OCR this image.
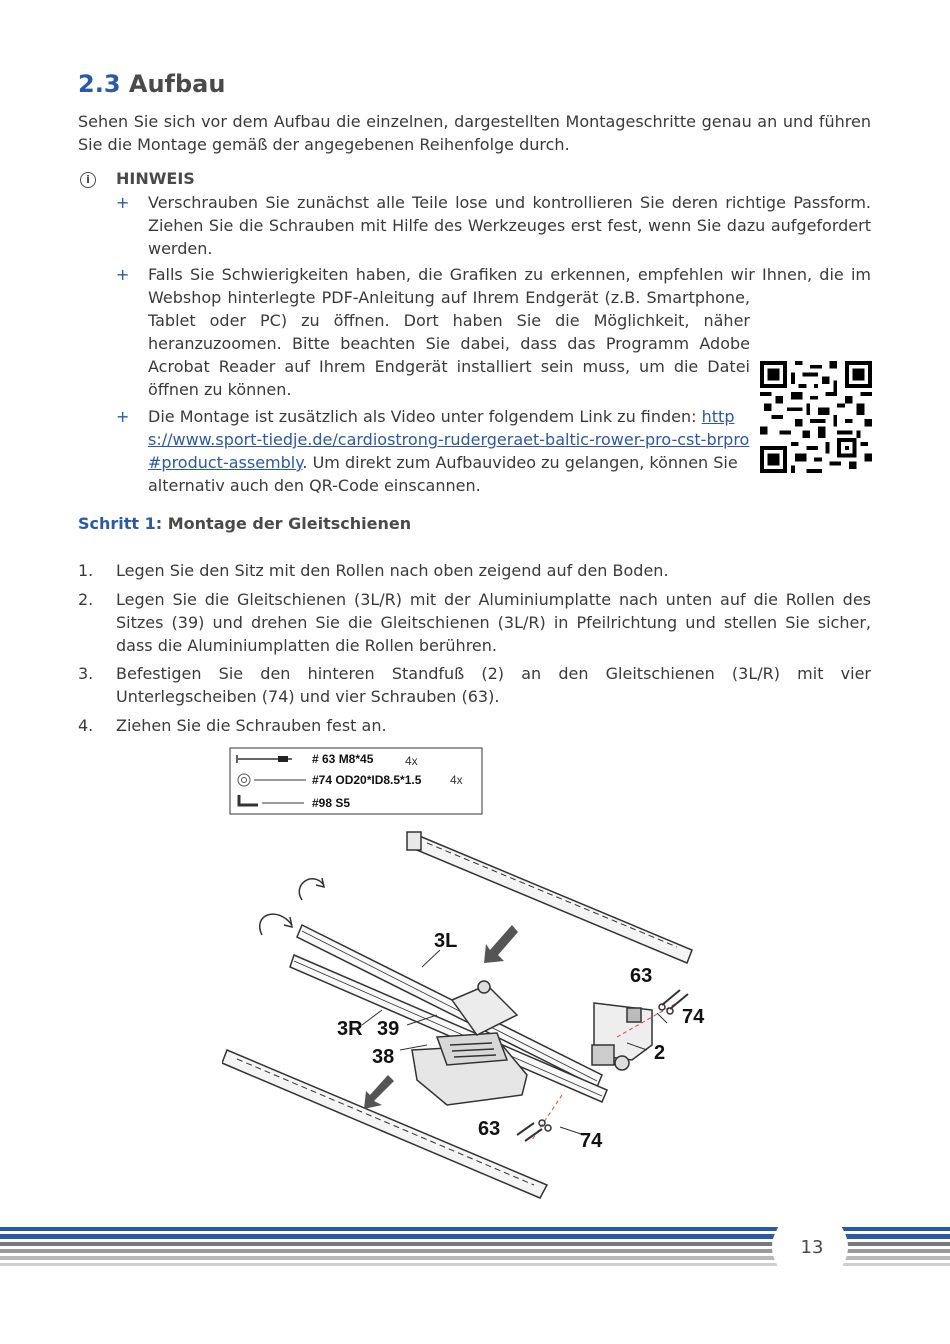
2.3 Aufbau

Sehen Sie sich vor dem Aufbau die einzelnen, dargestellten Montageschritte genau an und führen Sie die Montage gemäß der angegebenen Reihenfolge durch.

i	HINWEIS
+ Verschrauben Sie zunächst alle Teile lose und kontrollieren Sie deren richtige Passform. Ziehen Sie die Schrauben mit Hilfe des Werkzeuges erst fest, wenn Sie dazu aufgefordert werden.

+ Falls Sie Schwierigkeiten haben, die Grafiken zu erkennen, empfehlen wir Ihnen, die im

Webshop hinterlegte PDF-Anleitung auf Ihrem Endgerät (z.B. Smartphone, Tablet oder PC) zu öffnen. Dort haben Sie die Möglichkeit, näher heranzuzoomen. Bitte beachten Sie dabei, dass das Programm Adobe Acrobat Reader auf Ihrem Endgerät installiert sein muss, um die Datei öffnen zu können.

+ Die Montage ist zusätzlich als Video unter folgendem Link zu finden: https://www.sport-tiedje.de/cardiostrong-rudergeraet-baltic-rower-pro-cst-brpro#product-assembly. Um direkt zum Aufbauvideo zu gelangen, können Sie alternativ auch den QR-Code einscannen.

Schritt 1: Montage der Gleitschienen
1. Legen Sie den Sitz mit den Rollen nach oben zeigend auf den Boden.

2. Legen Sie die Gleitschienen (3L/R) mit der Aluminiumplatte nach unten auf die Rollen des Sitzes (39) und drehen Sie die Gleitschienen (3L/R) in Pfeilrichtung und stellen Sie sicher, dass die Aluminiumplatten die Rollen berühren.

3. Befestigen Sie den hinteren Standfuß (2) an den Gleitschienen (3L/R) mit vier Unterlegscheiben (74) und vier Schrauben (63).

4. Ziehen Sie die Schrauben fest an.

# 63 M8*45	4x
#74 OD20*ID8.5*1.5 4x
#98 S5
3L
3R 39
38
63
74
2
63
74
13
